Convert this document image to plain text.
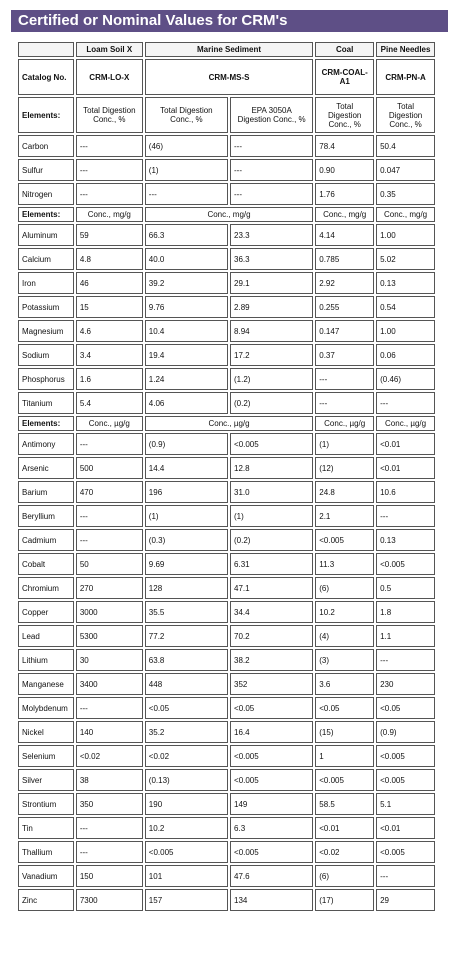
Certified or Nominal Values for CRM's
	Loam Soil X	Marine Sediment		Coal	Pine Needles
Catalog No.	CRM-LO-X	CRM-MS-S		CRM-COAL-A1	CRM-PN-A
Elements:	Total Digestion Conc., %	Total Digestion Conc., %	EPA 3050A Digestion Conc., %	Total Digestion Conc., %	Total Digestion Conc., %
Carbon	---	(46)	---	78.4	50.4
Sulfur	---	(1)	---	0.90	0.047
Nitrogen	---	---	---	1.76	0.35
Elements:	Conc., mg/g	Conc., mg/g		Conc., mg/g	Conc., mg/g
Aluminum	59	66.3	23.3	4.14	1.00
Calcium	4.8	40.0	36.3	0.785	5.02
Iron	46	39.2	29.1	2.92	0.13
Potassium	15	9.76	2.89	0.255	0.54
Magnesium	4.6	10.4	8.94	0.147	1.00
Sodium	3.4	19.4	17.2	0.37	0.06
Phosphorus	1.6	1.24	(1.2)	---	(0.46)
Titanium	5.4	4.06	(0.2)	---	---
Elements:	Conc., µg/g	Conc., µg/g		Conc., µg/g	Conc., µg/g
Antimony	---	(0.9)	<0.005	(1)	<0.01
Arsenic	500	14.4	12.8	(12)	<0.01
Barium	470	196	31.0	24.8	10.6
Beryllium	---	(1)	(1)	2.1	---
Cadmium	---	(0.3)	(0.2)	<0.005	0.13
Cobalt	50	9.69	6.31	11.3	<0.005
Chromium	270	128	47.1	(6)	0.5
Copper	3000	35.5	34.4	10.2	1.8
Lead	5300	77.2	70.2	(4)	1.1
Lithium	30	63.8	38.2	(3)	---
Manganese	3400	448	352	3.6	230
Molybdenum	---	<0.05	<0.05	<0.05	<0.05
Nickel	140	35.2	16.4	(15)	(0.9)
Selenium	<0.02	<0.02	<0.005	1	<0.005
Silver	38	(0.13)	<0.005	<0.005	<0.005
Strontium	350	190	149	58.5	5.1
Tin	---	10.2	6.3	<0.01	<0.01
Thallium	---	<0.005	<0.005	<0.02	<0.005
Vanadium	150	101	47.6	(6)	---
Zinc	7300	157	134	(17)	29
